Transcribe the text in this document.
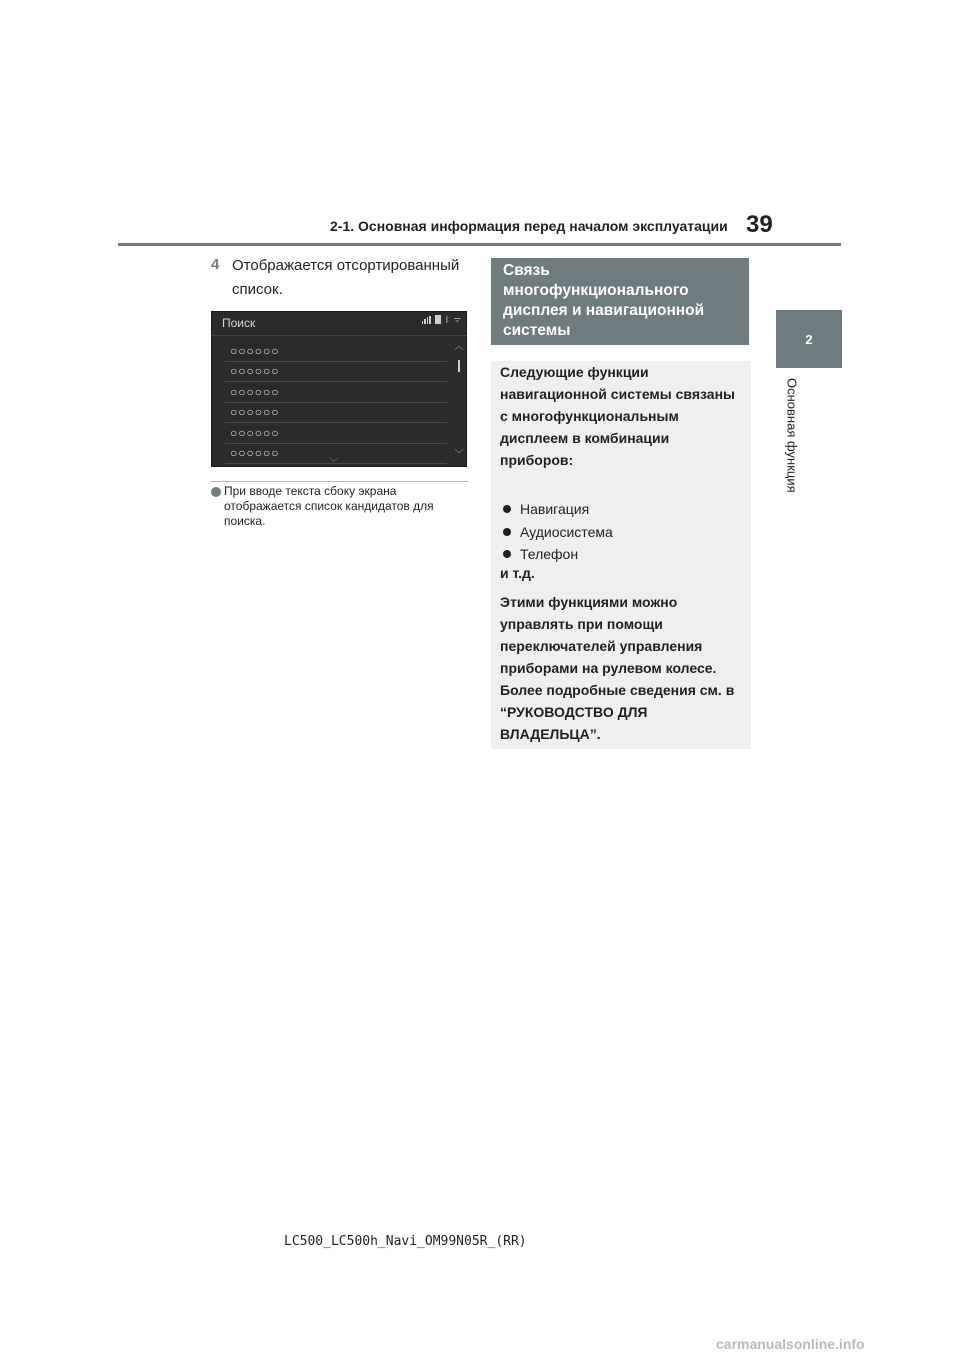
2-1. Основная информация перед началом эксплуатации 39
2
Основная функция
4 Отображается отсортированный список.
Поиск	ᛒ ᯤ
○○○○○○
○○○○○○
○○○○○○
○○○○○○
○○○○○○
○○○○○○
︿
﹀
﹀
При вводе текста сбоку экрана отображается список кандидатов для поиска.
Связь многофункционального дисплея и навигационной системы
Следующие функции навигационной системы связаны с многофункциональным дисплеем в комбинации приборов:
Навигация
Аудиосистема
Телефон
и т.д.
Этими функциями можно управлять при помощи переключателей управления приборами на рулевом колесе. Более подробные сведения см. в “РУКОВОДСТВО ДЛЯ ВЛАДЕЛЬЦА”.
LC500_LC500h_Navi_OM99N05R_(RR)
carmanualsonline.info
